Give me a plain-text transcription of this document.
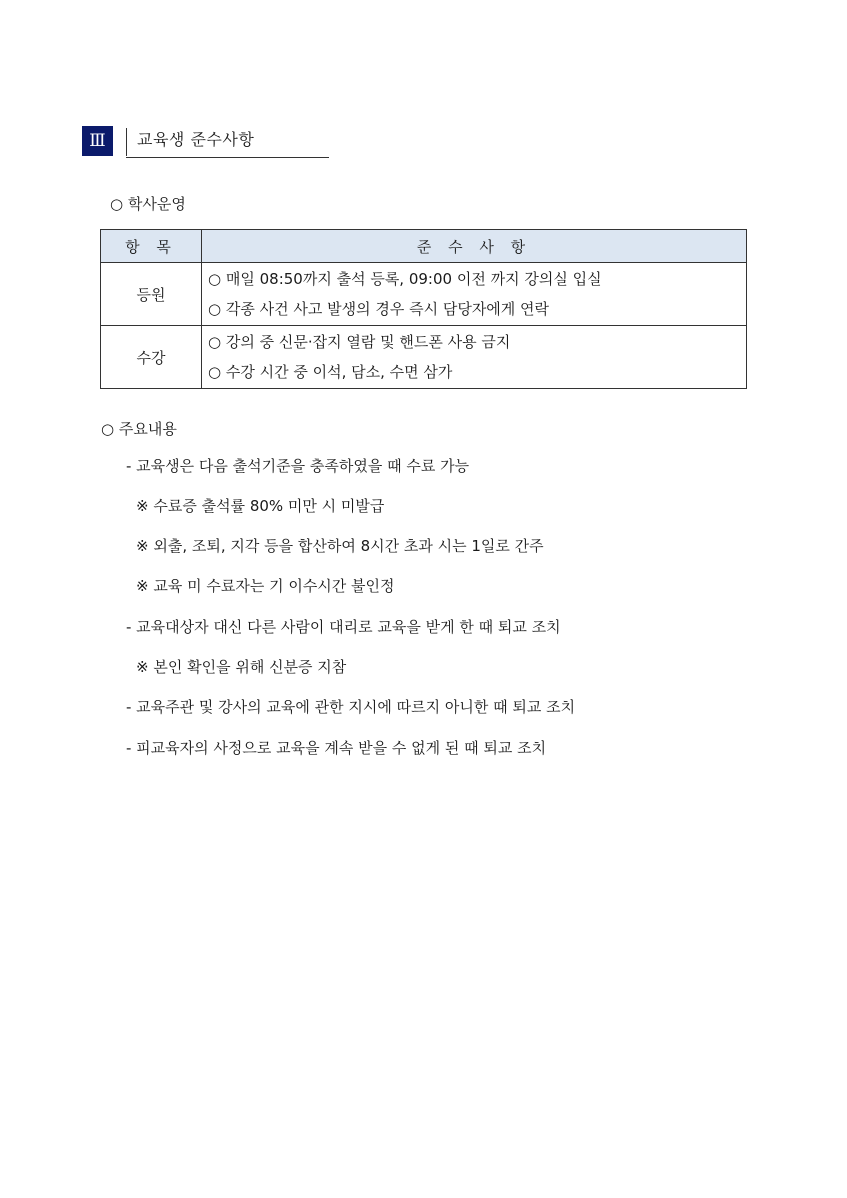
Ⅲ	교육생 준수사항
○ 학사운영
항 목	준 수 사 항
등원	○ 매일 08:50까지 출석 등록, 09:00 이전 까지 강의실 입실
○ 각종 사건 사고 발생의 경우 즉시 담당자에게 연락

수강	○ 강의 중 신문·잡지 열람 및 핸드폰 사용 금지
○ 수강 시간 중 이석, 담소, 수면 삼가
○ 주요내용
- 교육생은 다음 출석기준을 충족하였을 때 수료 가능
※ 수료증 출석률 80% 미만 시 미발급
※ 외출, 조퇴, 지각 등을 합산하여 8시간 초과 시는 1일로 간주
※ 교육 미 수료자는 기 이수시간 불인정
- 교육대상자 대신 다른 사람이 대리로 교육을 받게 한 때 퇴교 조치
※ 본인 확인을 위해 신분증 지참
- 교육주관 및 강사의 교육에 관한 지시에 따르지 아니한 때 퇴교 조치
- 피교육자의 사정으로 교육을 계속 받을 수 없게 된 때 퇴교 조치
